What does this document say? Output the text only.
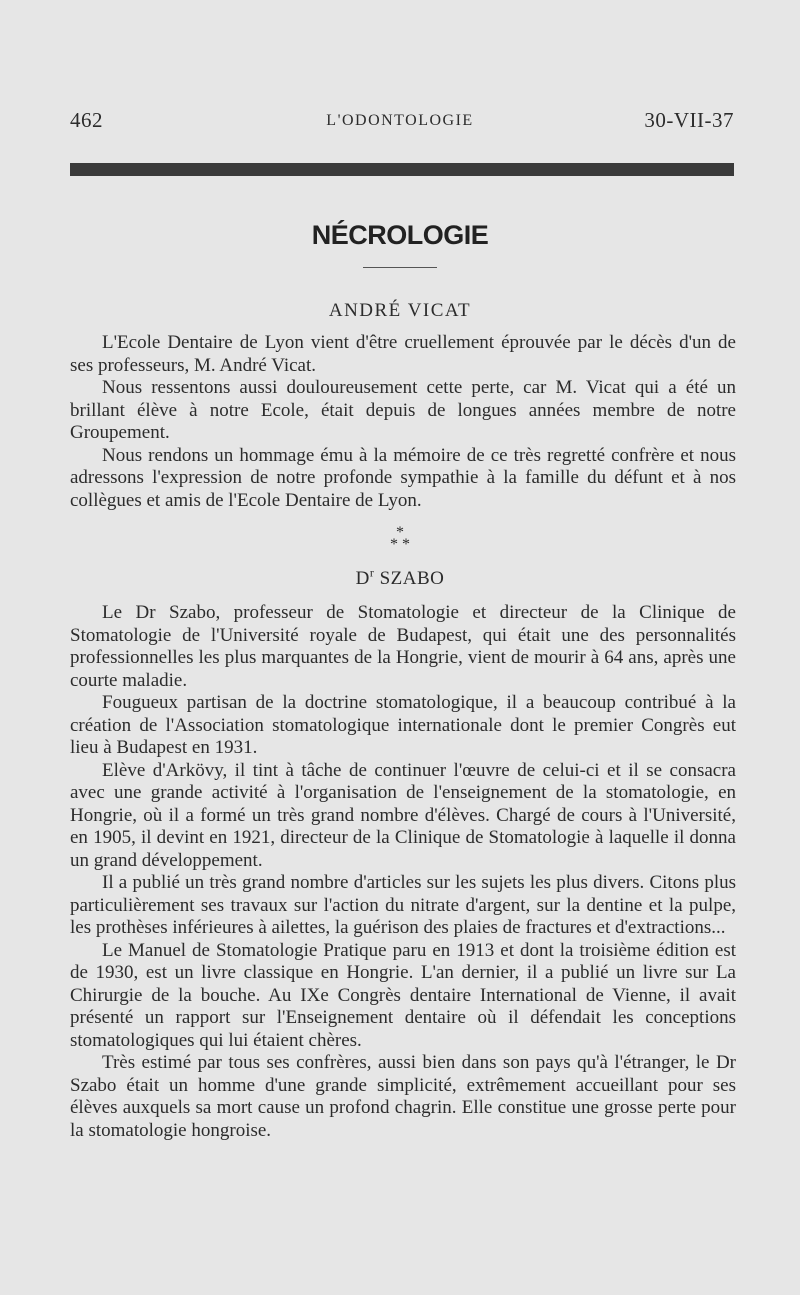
462	L'ODONTOLOGIE	30-VII-37
NÉCROLOGIE
ANDRÉ VICAT

L'Ecole Dentaire de Lyon vient d'être cruellement éprouvée par le décès d'un de ses professeurs, M. André Vicat.

Nous ressentons aussi douloureusement cette perte, car M. Vicat qui a été un brillant élève à notre Ecole, était depuis de longues années membre de notre Groupement.

Nous rendons un hommage ému à la mémoire de ce très regretté confrère et nous adressons l'expression de notre profonde sympathie à la famille du défunt et à nos collègues et amis de l'Ecole Dentaire de Lyon.

*
* *
$D^r$ SZABO

Le Dr Szabo, professeur de Stomatologie et directeur de la Clinique de Stomatologie de l'Université royale de Budapest, qui était une des personnalités professionnelles les plus marquantes de la Hongrie, vient de mourir à 64 ans, après une courte maladie.

Fougueux partisan de la doctrine stomatologique, il a beaucoup contribué à la création de l'Association stomatologique internationale dont le premier Congrès eut lieu à Budapest en 1931.

Elève d'Arkövy, il tint à tâche de continuer l'œuvre de celui-ci et il se consacra avec une grande activité à l'organisation de l'enseignement de la stomatologie, en Hongrie, où il a formé un très grand nombre d'élèves. Chargé de cours à l'Université, en 1905, il devint en 1921, directeur de la Clinique de Stomatologie à laquelle il donna un grand développement.

Il a publié un très grand nombre d'articles sur les sujets les plus divers. Citons plus particulièrement ses travaux sur l'action du nitrate d'argent, sur la dentine et la pulpe, les prothèses inférieures à ailettes, la guérison des plaies de fractures et d'extractions...

Le Manuel de Stomatologie Pratique paru en 1913 et dont la troisième édition est de 1930, est un livre classique en Hongrie. L'an dernier, il a publié un livre sur La Chirurgie de la bouche. Au IXe Congrès dentaire International de Vienne, il avait présenté un rapport sur l'Enseignement dentaire où il défendait les conceptions stomatologiques qui lui étaient chères.

Très estimé par tous ses confrères, aussi bien dans son pays qu'à l'étranger, le Dr Szabo était un homme d'une grande simplicité, extrêmement accueillant pour ses élèves auxquels sa mort cause un profond chagrin. Elle constitue une grosse perte pour la stomatologie hongroise.
